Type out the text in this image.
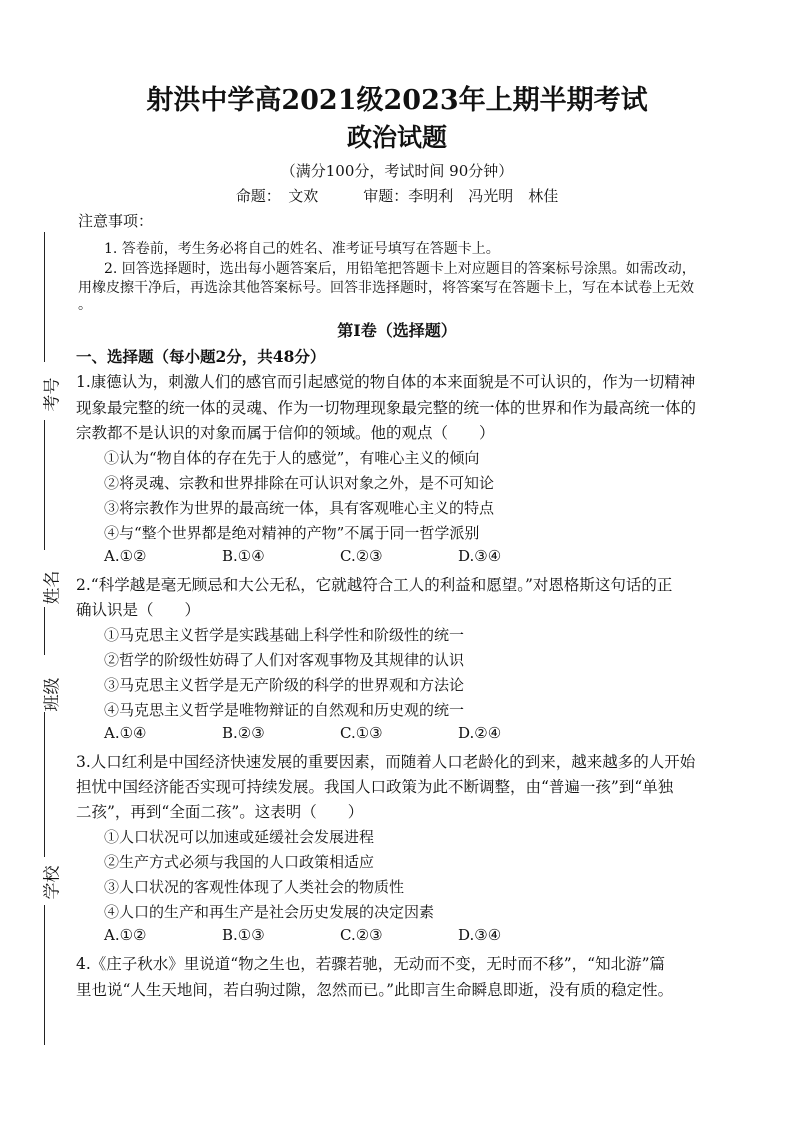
射洪中学高2021级2023年上期半期考试
政治试题
（满分100分，考试时间 90分钟）
命题：　文欢　　　审题：李明利　冯光明　林佳
注意事项：
1. 答卷前，考生务必将自己的姓名、准考证号填写在答题卡上。
2. 回答选择题时，选出每小题答案后，用铅笔把答题卡上对应题目的答案标号涂黑。如需改动，
用橡皮擦干净后，再选涂其他答案标号。回答非选择题时，将答案写在答题卡上，写在本试卷上无效
。
第Ⅰ卷（选择题）
一、选择题（每小题2分，共48分）
考号
姓名
班级
学校
1.康德认为，刺激人们的感官而引起感觉的物自体的本来面貌是不可认识的，作为一切精神
现象最完整的统一体的灵魂、作为一切物理现象最完整的统一体的世界和作为最高统一体的
宗教都不是认识的对象而属于信仰的领域。他的观点（　　）
①认为“物自体的存在先于人的感觉”，有唯心主义的倾向
②将灵魂、宗教和世界排除在可认识对象之外，是不可知论
③将宗教作为世界的最高统一体，具有客观唯心主义的特点
④与“整个世界都是绝对精神的产物”不属于同一哲学派别
A.①②	B.①④	C.②③	D.③④
2.“科学越是毫无顾忌和大公无私，它就越符合工人的利益和愿望。”对恩格斯这句话的正
确认识是（　　）
①马克思主义哲学是实践基础上科学性和阶级性的统一
②哲学的阶级性妨碍了人们对客观事物及其规律的认识
③马克思主义哲学是无产阶级的科学的世界观和方法论
④马克思主义哲学是唯物辩证的自然观和历史观的统一
A.①④	B.②③	C.①③	D.②④
3.人口红利是中国经济快速发展的重要因素，而随着人口老龄化的到来，越来越多的人开始
担忧中国经济能否实现可持续发展。我国人口政策为此不断调整，由“普遍一孩”到“单独
二孩”，再到“全面二孩”。这表明（　　）
①人口状况可以加速或延缓社会发展进程
②生产方式必须与我国的人口政策相适应
③人口状况的客观性体现了人类社会的物质性
④人口的生产和再生产是社会历史发展的决定因素
A.①②	B.①③	C.②③	D.③④
4.《庄子秋水》里说道“物之生也，若骤若驰，无动而不变，无时而不移”，“知北游”篇
里也说“人生天地间，若白驹过隙，忽然而已。”此即言生命瞬息即逝，没有质的稳定性。
